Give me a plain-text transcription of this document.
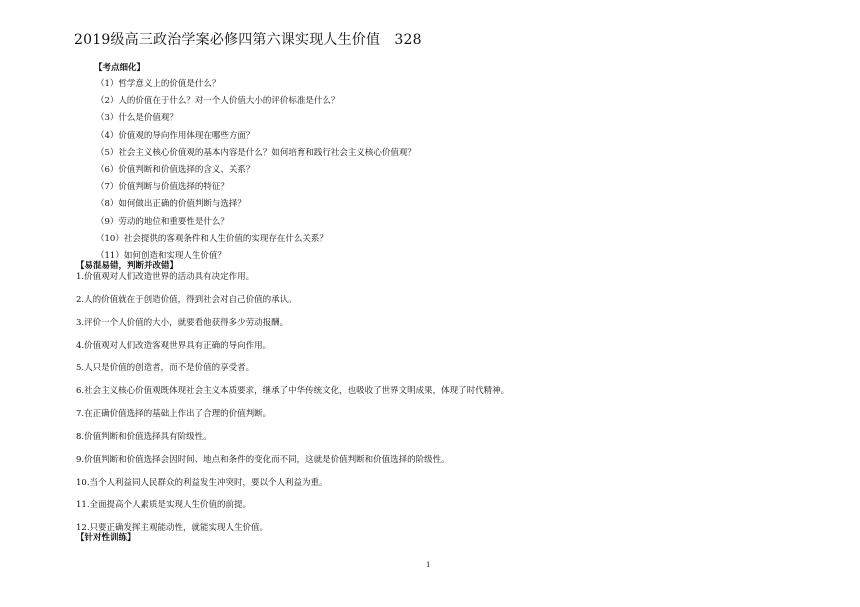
2019级高三政治学案必修四第六课实现人生价值　328
【考点细化】
（1）哲学意义上的价值是什么？
（2）人的价值在于什么？对一个人价值大小的评价标准是什么？
（3）什么是价值观？
（4）价值观的导向作用体现在哪些方面？
（5）社会主义核心价值观的基本内容是什么？如何培育和践行社会主义核心价值观？
（6）价值判断和价值选择的含义、关系？
（7）价值判断与价值选择的特征？
（8）如何做出正确的价值判断与选择？
（9）劳动的地位和重要性是什么？
（10）社会提供的客观条件和人生价值的实现存在什么关系？
（11）如何创造和实现人生价值？
【易混易错，判断并改错】
1.价值观对人们改造世界的活动具有决定作用。
2.人的价值就在于创造价值，得到社会对自己价值的承认。
3.评价一个人价值的大小，就要看他获得多少劳动报酬。
4.价值观对人们改造客观世界具有正确的导向作用。
5.人只是价值的创造者，而不是价值的享受者。
6.社会主义核心价值观既体现社会主义本质要求，继承了中华传统文化，也吸收了世界文明成果，体现了时代精神。
7.在正确价值选择的基础上作出了合理的价值判断。
8.价值判断和价值选择具有阶级性。
9.价值判断和价值选择会因时间、地点和条件的变化而不同，这就是价值判断和价值选择的阶级性。
10.当个人利益同人民群众的利益发生冲突时，要以个人利益为重。
11.全面提高个人素质是实现人生价值的前提。
12.只要正确发挥主观能动性，就能实现人生价值。
【针对性训练】
1
